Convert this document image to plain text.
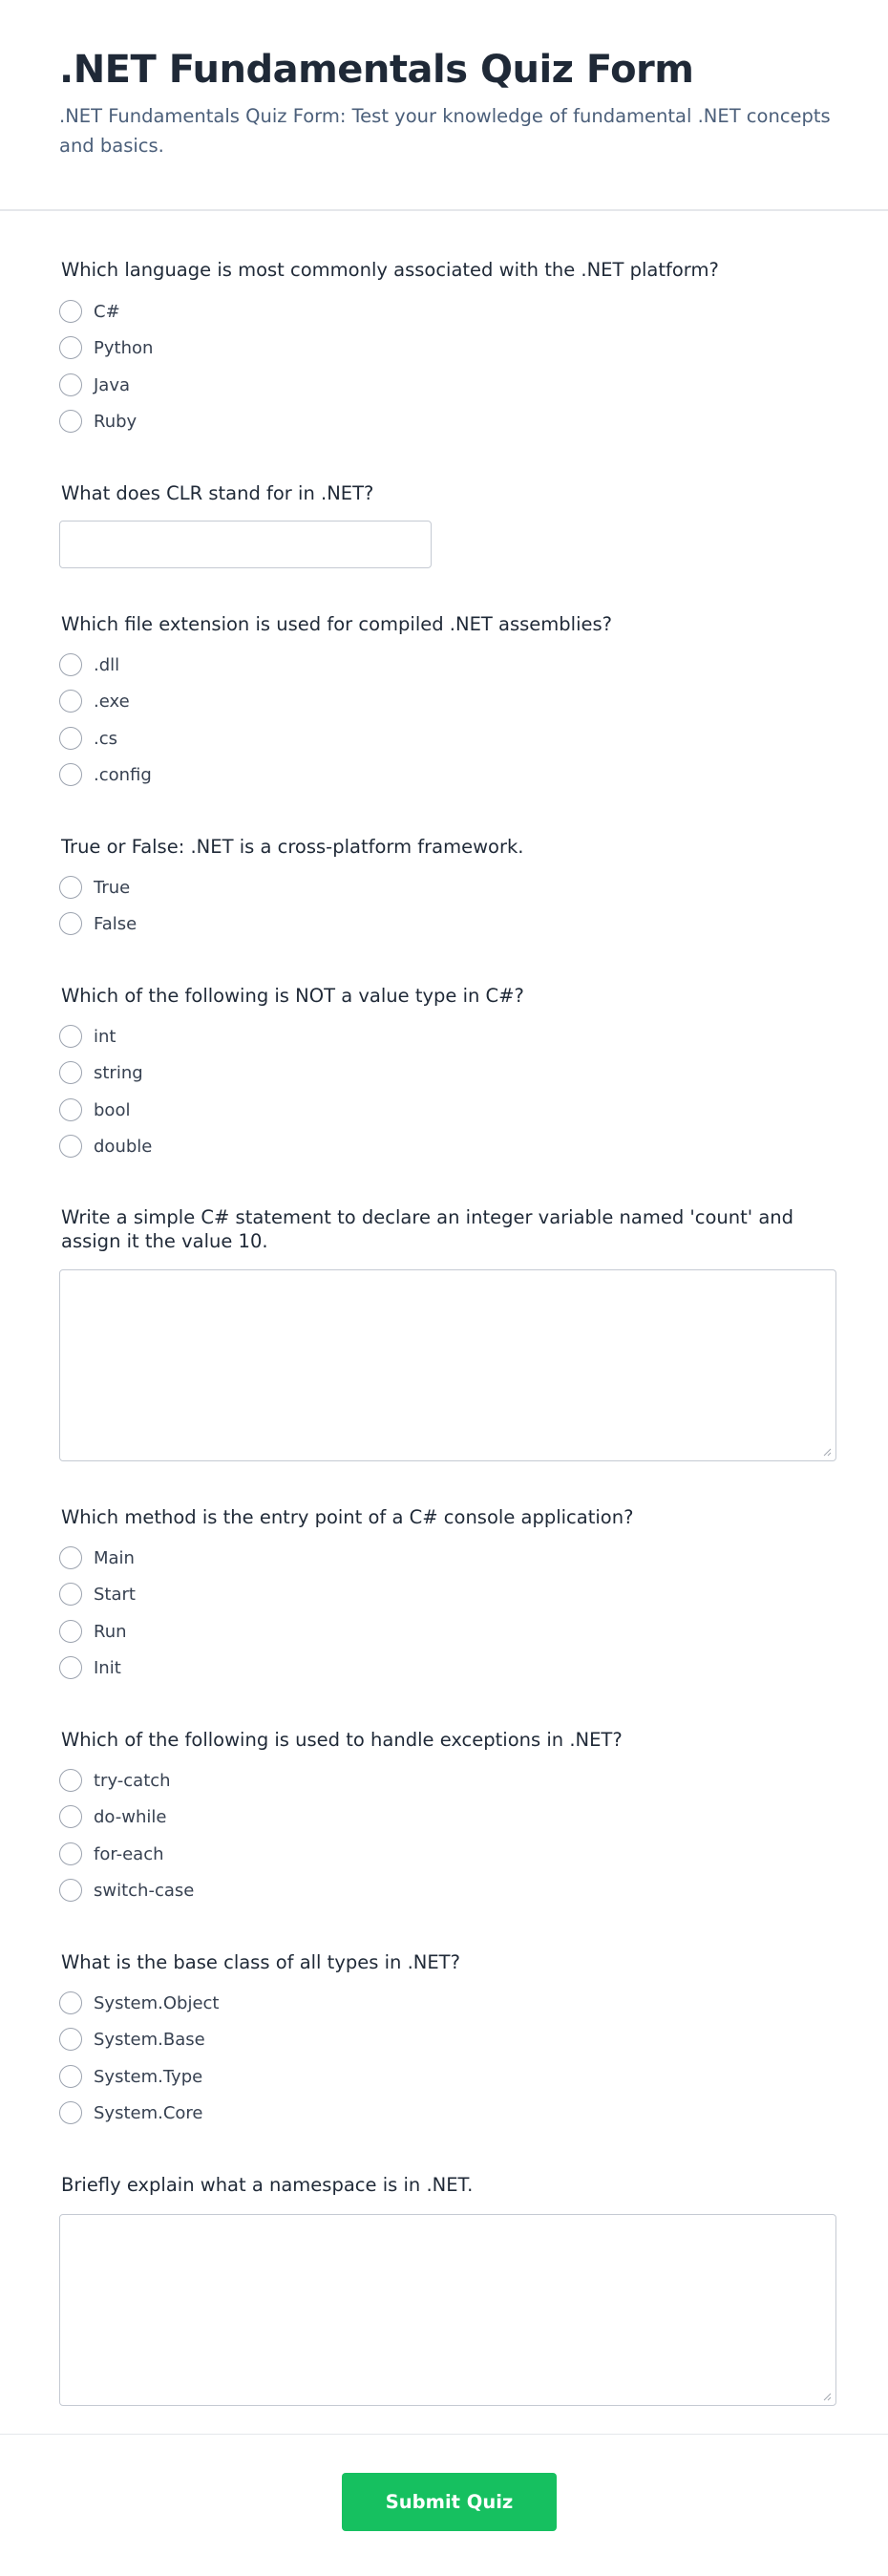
.NET Fundamentals Quiz Form
.NET Fundamentals Quiz Form: Test your knowledge of fundamental .NET concepts and basics.
Which language is most commonly associated with the .NET platform?
C#
Python
Java
Ruby
What does CLR stand for in .NET?
Which file extension is used for compiled .NET assemblies?
.dll
.exe
.cs
.config
True or False: .NET is a cross-platform framework.
True
False
Which of the following is NOT a value type in C#?
int
string
bool
double
Write a simple C# statement to declare an integer variable named 'count' and assign it the value 10.
Which method is the entry point of a C# console application?
Main
Start
Run
Init
Which of the following is used to handle exceptions in .NET?
try-catch
do-while
for-each
switch-case
What is the base class of all types in .NET?
System.Object
System.Base
System.Type
System.Core
Briefly explain what a namespace is in .NET.
Submit Quiz
